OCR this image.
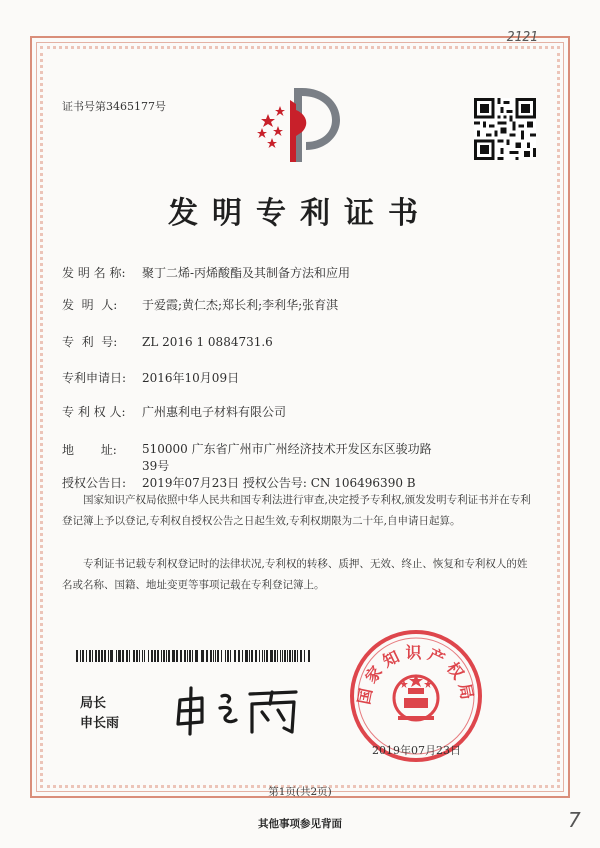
2121
证书号第3465177号
发明专利证书
发 明 名 称: 聚丁二烯-丙烯酸酯及其制备方法和应用
发  明  人: 于爱霞;黄仁杰;郑长利;李利华;张育淇
专  利  号: ZL 2016 1 0884731.6
专利申请日: 2016年10月09日
专 利 权 人: 广州惠利电子材料有限公司
地       址: 510000 广东省广州市广州经济技术开发区东区骏功路39号
授权公告日: 2019年07月23日 授权公告号: CN 106496390 B
国家知识产权局依照中华人民共和国专利法进行审查,决定授予专利权,颁发发明专利证书并在专利登记簿上予以登记,专利权自授权公告之日起生效,专利权期限为二十年,自申请日起算。
专利证书记载专利权登记时的法律状况,专利权的转移、质押、无效、终止、恢复和专利权人的姓名或名称、国籍、地址变更等事项记载在专利登记簿上。
局长
申长雨
国家知识产权局
2019年07月23日
第1页(共2页)
其他事项参见背面	7
